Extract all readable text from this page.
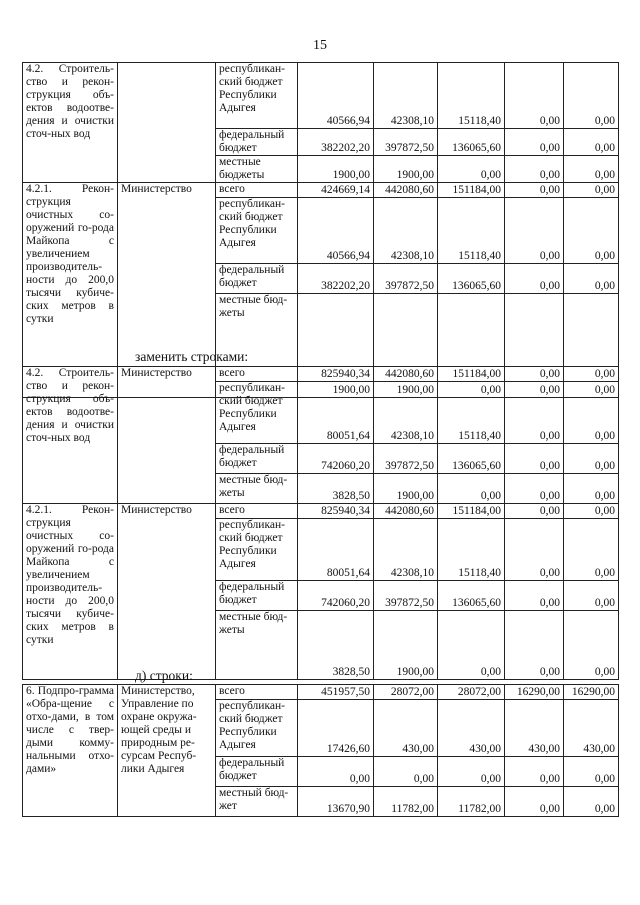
15
4.2. Строитель-ство и рекон-струкция объ-ектов водоотве-дения и очистки сточ-ных вод		республикан-ский бюджет Республики Адыгея	40566,94	42308,10	15118,40	0,00	0,00
		федеральный бюджет	382202,20	397872,50	136065,60	0,00	0,00
		местные бюджеты	1900,00	1900,00	0,00	0,00	0,00
4.2.1. Рекон-струкция очистных со-оружений го-рода Майкопа с увеличением производитель-ности до 200,0 тысячи кубиче-ских метров в сутки	Министерство	всего	424669,14	442080,60	151184,00	0,00	0,00
		республикан-ский бюджет Республики Адыгея	40566,94	42308,10	15118,40	0,00	0,00
		федеральный бюджет	382202,20	397872,50	136065,60	0,00	0,00
		местные бюд-жеты	1900,00	1900,00	0,00	0,00	0,00
заменить строками:
4.2. Строитель-ство и рекон-струкция объ-ектов водоотве-дения и очистки сточ-ных вод	Министерство	всего	825940,34	442080,60	151184,00	0,00	0,00
		республикан-ский бюджет Республики Адыгея	80051,64	42308,10	15118,40	0,00	0,00
		федеральный бюджет	742060,20	397872,50	136065,60	0,00	0,00
		местные бюд-жеты	3828,50	1900,00	0,00	0,00	0,00
4.2.1. Рекон-струкция очистных со-оружений го-рода Майкопа с увеличением производитель-ности до 200,0 тысячи кубиче-ских метров в сутки	Министерство	всего	825940,34	442080,60	151184,00	0,00	0,00
		республикан-ский бюджет Республики Адыгея	80051,64	42308,10	15118,40	0,00	0,00
		федеральный бюджет	742060,20	397872,50	136065,60	0,00	0,00
		местные бюд-жеты	3828,50	1900,00	0,00	0,00	0,00
д) строки:
6. Подпро-грамма «Обра-щение с отхо-дами, в том числе с твер-дыми комму-нальными отхо-дами»	Министерство, Управление по охране окружа-ющей среды и природным ре-сурсам Респуб-лики Адыгея	всего	451957,50	28072,00	28072,00	16290,00	16290,00
		республикан-ский бюджет Республики Адыгея	17426,60	430,00	430,00	430,00	430,00
		федеральный бюджет	0,00	0,00	0,00	0,00	0,00
		местный бюд-жет	13670,90	11782,00	11782,00	0,00	0,00
